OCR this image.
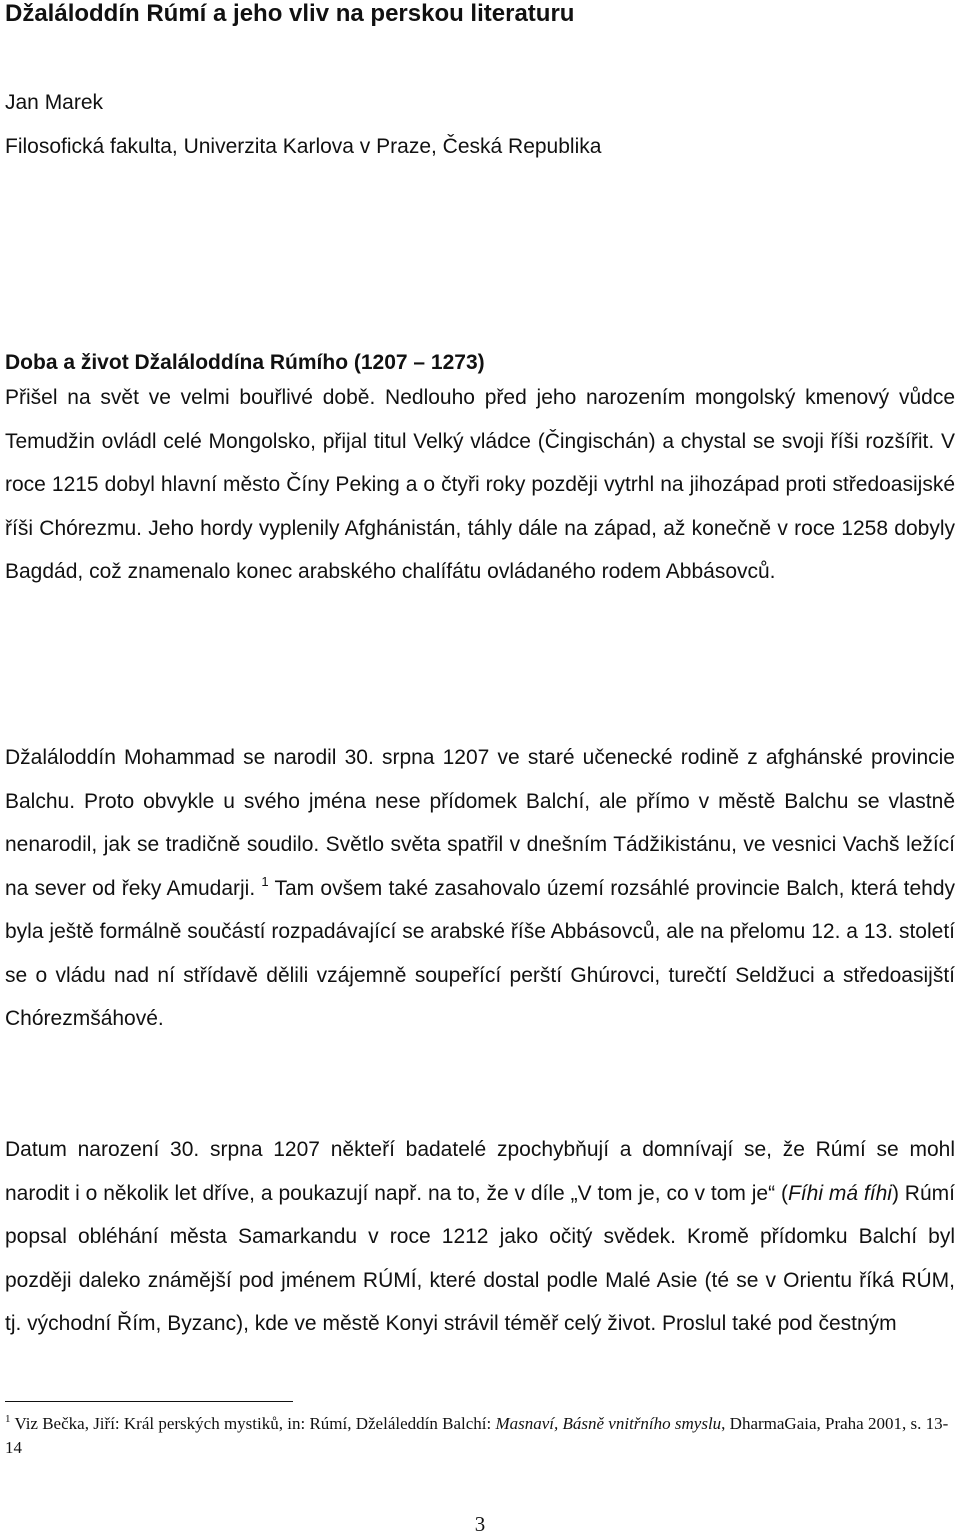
Džaláloddín Rúmí a jeho vliv na perskou literaturu

Jan Marek

Filosofická fakulta, Univerzita Karlova v Praze, Česká Republika

Doba a život Džaláloddína Rúmího (1207 – 1273)

Přišel na svět ve velmi bouřlivé době. Nedlouho před jeho narozením mongolský kmenový vůdce Temudžin ovládl celé Mongolsko, přijal titul Velký vládce (Čingischán) a chystal se svoji říši rozšířit. V roce 1215 dobyl hlavní město Číny Peking a o čtyři roky později vytrhl na jihozápad proti středoasijské říši Chórezmu. Jeho hordy vyplenily Afghánistán, táhly dále na západ, až konečně v roce 1258 dobyly Bagdád, což znamenalo konec arabského chalífátu ovládaného rodem Abbásovců.

Džaláloddín Mohammad se narodil 30. srpna 1207 ve staré učenecké rodině z afghánské provincie Balchu. Proto obvykle u svého jména nese přídomek Balchí, ale přímo v městě Balchu se vlastně nenarodil, jak se tradičně soudilo. Světlo světa spatřil v dnešním Tádžikistánu, ve vesnici Vachš ležící na sever od řeky Amudarji. $^1$ Tam ovšem také zasahovalo území rozsáhlé provincie Balch, která tehdy byla ještě formálně součástí rozpadávající se arabské říše Abbásovců, ale na přelomu 12. a 13. století se o vládu nad ní střídavě dělili vzájemně soupeřící perští Ghúrovci, turečtí Seldžuci a středoasijští Chórezmšáhové.

Datum narození 30. srpna 1207 někteří badatelé zpochybňují a domnívají se, že Rúmí se mohl narodit i o několik let dříve, a poukazují např. na to, že v díle „V tom je, co v tom je“ (Fíhi má fíhi) Rúmí popsal obléhání města Samarkandu v roce 1212 jako očitý svědek. Kromě přídomku Balchí byl později daleko známější pod jménem RÚMÍ, které dostal podle Malé Asie (té se v Orientu říká RÚM, tj. východní Řím, Byzanc), kde ve městě Konyi strávil téměř celý život. Proslul také pod čestným

$^1$ Viz Bečka, Jiří: Král perských mystiků, in: Rúmí, Dželáleddín Balchí: Masnaví, Básně vnitřního smyslu, DharmaGaia, Praha 2001, s. 13-14

3
